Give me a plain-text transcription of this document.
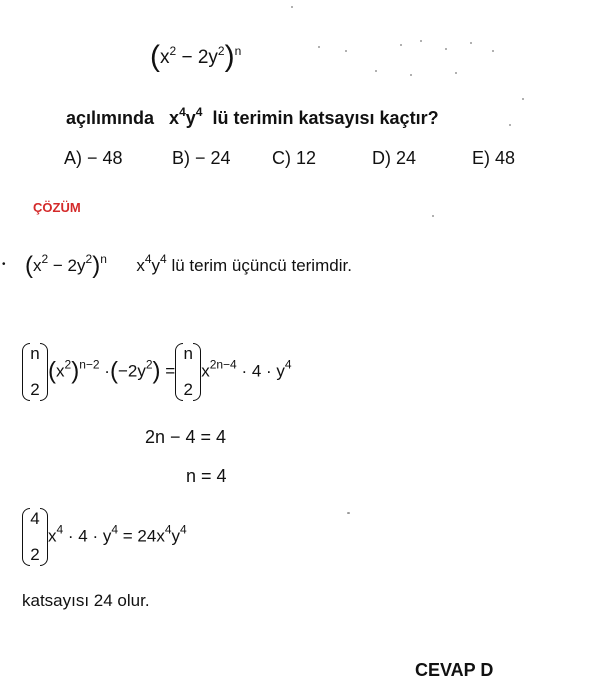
$(x^2 - 2y^2)^n$
açılımında $x^4y^4$ lü terimin katsayısı kaçtır?
A) − 48	B) − 24 C) 12	D) 24	E) 48
ÇÖZÜM
• $(x^2 - 2y^2)^n$ $x^4y^4$ lü terim üçüncü terimdir.
n
2
$(x^2)^{n-2} \cdot(-2y^2)$ =
n
2
$x^{2n-4} \cdot 4 \cdot y^4$
2n − 4 = 4
n = 4
4
2
$x^4 \cdot 4 \cdot y^4 = 24x^4y^4$
katsayısı 24 olur.
CEVAP D
